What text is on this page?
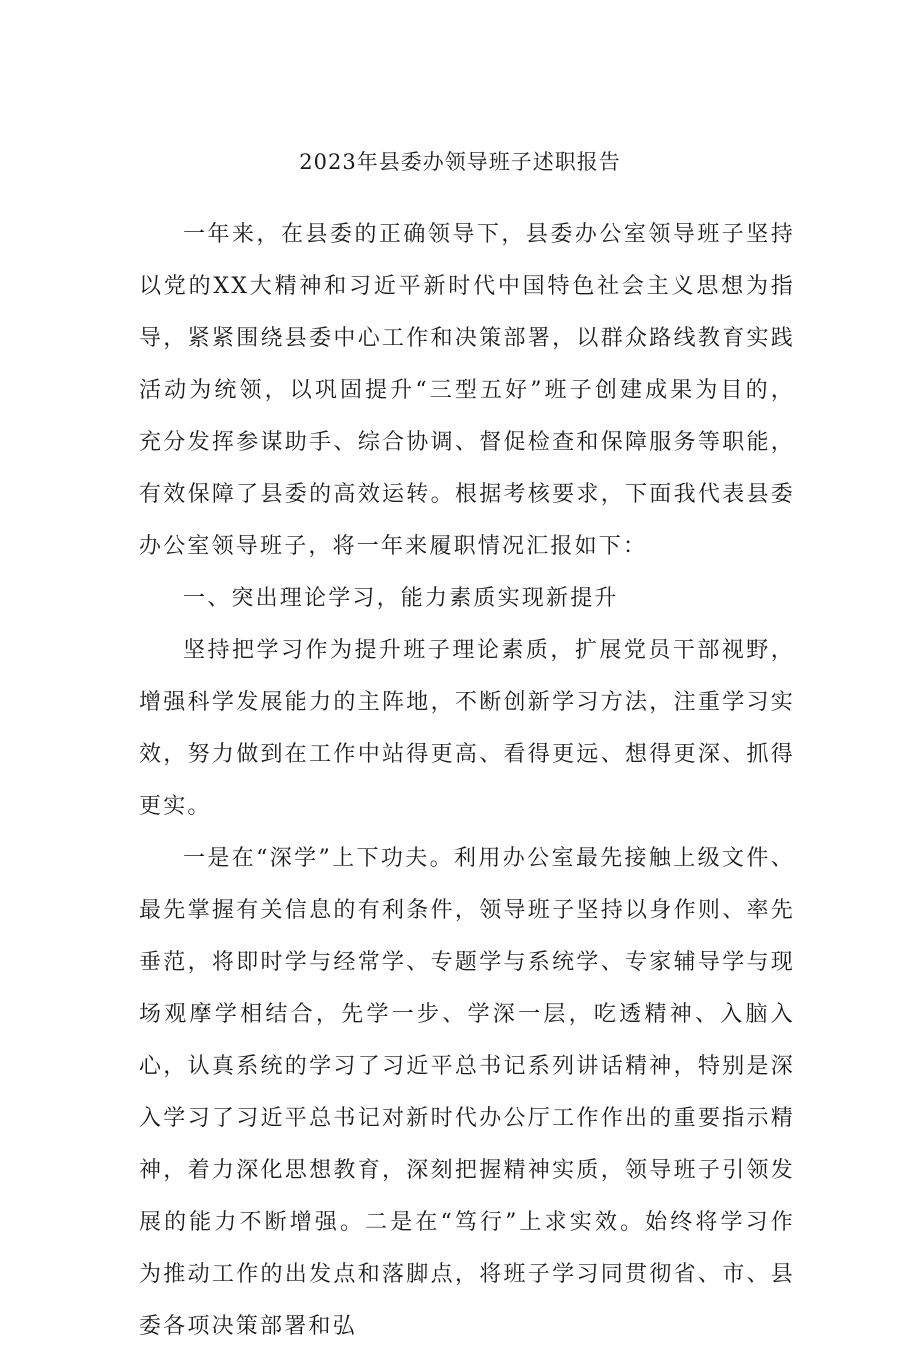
2023年县委办领导班子述职报告

一年来，在县委的正确领导下，县委办公室领导班子坚持以党的XX大精神和习近平新时代中国特色社会主义思想为指导，紧紧围绕县委中心工作和决策部署，以群众路线教育实践活动为统领，以巩固提升“三型五好”班子创建成果为目的，充分发挥参谋助手、综合协调、督促检查和保障服务等职能，有效保障了县委的高效运转。根据考核要求，下面我代表县委办公室领导班子，将一年来履职情况汇报如下：

一、突出理论学习，能力素质实现新提升

坚持把学习作为提升班子理论素质，扩展党员干部视野，增强科学发展能力的主阵地，不断创新学习方法，注重学习实效，努力做到在工作中站得更高、看得更远、想得更深、抓得更实。

一是在“深学”上下功夫。利用办公室最先接触上级文件、最先掌握有关信息的有利条件，领导班子坚持以身作则、率先垂范，将即时学与经常学、专题学与系统学、专家辅导学与现场观摩学相结合，先学一步、学深一层，吃透精神、入脑入心，认真系统的学习了习近平总书记系列讲话精神，特别是深入学习了习近平总书记对新时代办公厅工作作出的重要指示精神，着力深化思想教育，深刻把握精神实质，领导班子引领发展的能力不断增强。二是在“笃行”上求实效。始终将学习作为推动工作的出发点和落脚点，将班子学习同贯彻省、市、县委各项决策部署和弘
